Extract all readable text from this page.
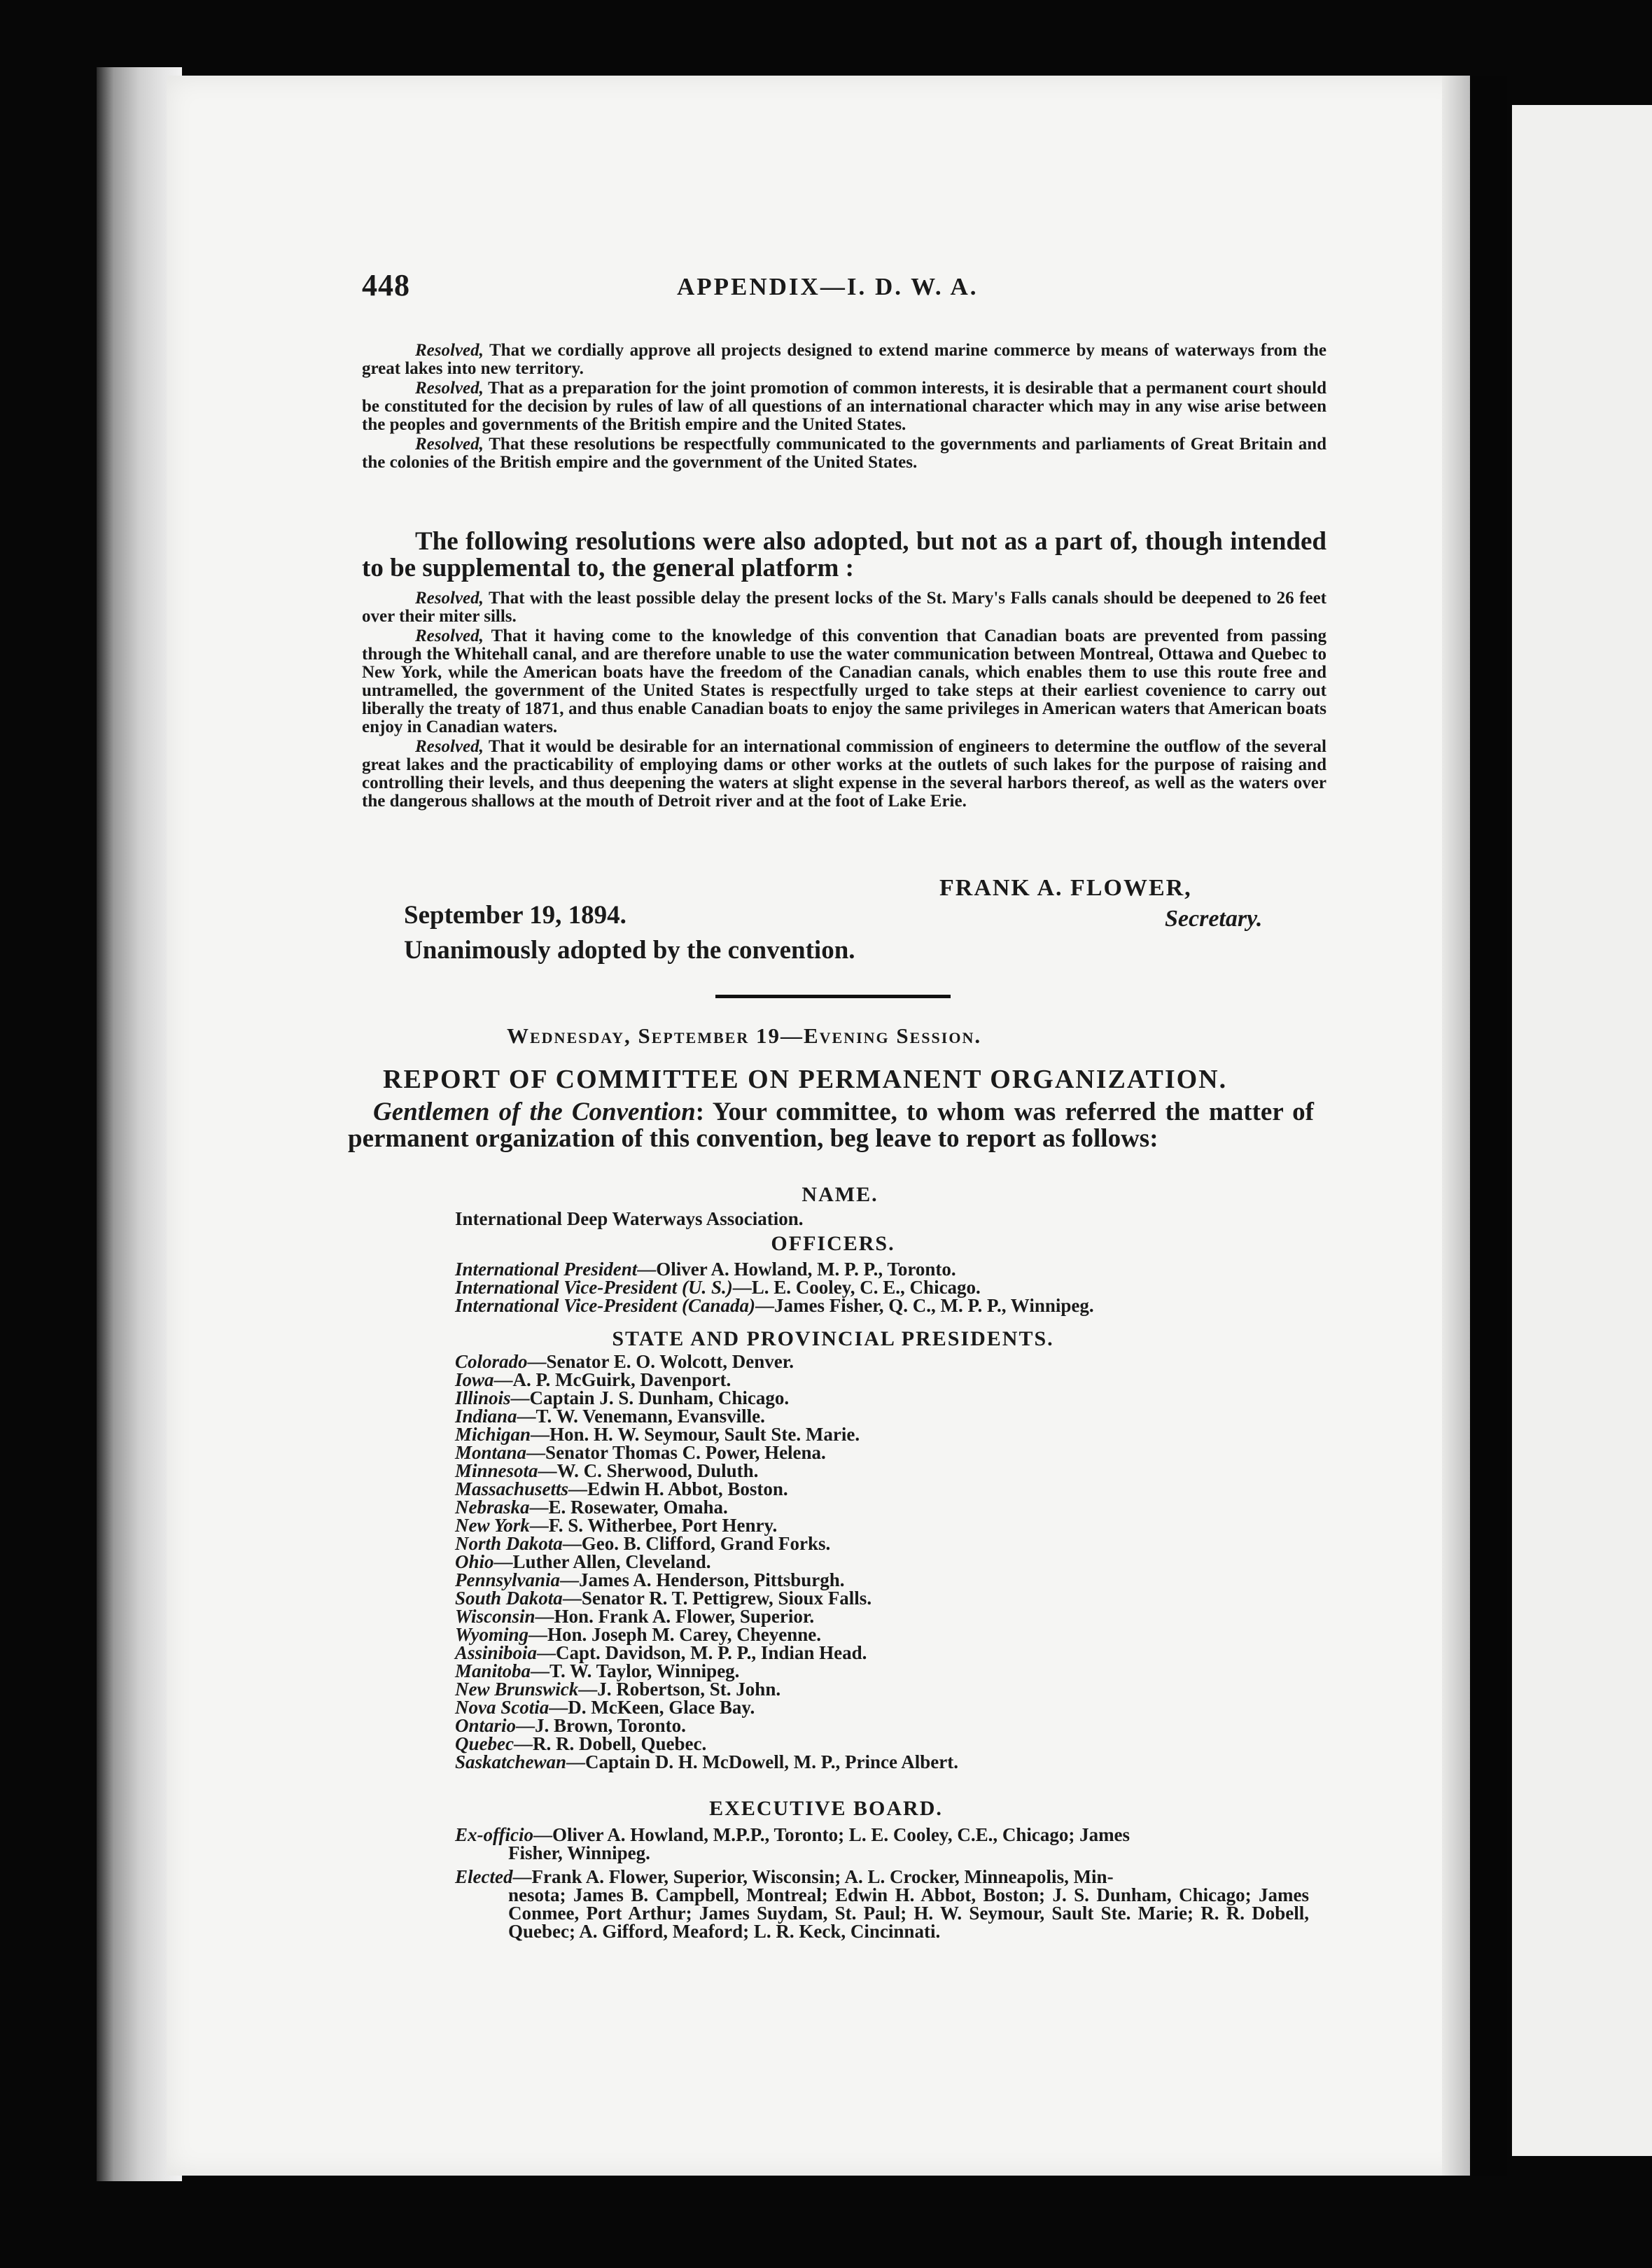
448	APPENDIX—I. D. W. A.

Resolved, That we cordially approve all projects designed to extend marine commerce by means of waterways from the great lakes into new territory.

Resolved, That as a preparation for the joint promotion of common interests, it is desirable that a permanent court should be constituted for the decision by rules of law of all questions of an international character which may in any wise arise between the peoples and governments of the British empire and the United States.

Resolved, That these resolutions be respectfully communicated to the governments and parliaments of Great Britain and the colonies of the British empire and the government of the United States.

The following resolutions were also adopted, but not as a part of, though intended to be supplemental to, the general platform :

Resolved, That with the least possible delay the present locks of the St. Mary's Falls canals should be deepened to 26 feet over their miter sills.

Resolved, That it having come to the knowledge of this convention that Canadian boats are prevented from passing through the Whitehall canal, and are therefore unable to use the water communication between Montreal, Ottawa and Quebec to New York, while the American boats have the freedom of the Canadian canals, which enables them to use this route free and untramelled, the government of the United States is respectfully urged to take steps at their earliest covenience to carry out liberally the treaty of 1871, and thus enable Canadian boats to enjoy the same privileges in American waters that American boats enjoy in Canadian waters.

Resolved, That it would be desirable for an international commission of engineers to determine the outflow of the several great lakes and the practicability of employing dams or other works at the outlets of such lakes for the purpose of raising and controlling their levels, and thus deepening the waters at slight expense in the several harbors thereof, as well as the waters over the dangerous shallows at the mouth of Detroit river and at the foot of Lake Erie.

FRANK A. FLOWER,
Secretary.
September 19, 1894.
Unanimously adopted by the convention.
Wednesday, September 19—Evening Session.
REPORT OF COMMITTEE ON PERMANENT ORGANIZATION.
Gentlemen of the Convention: Your committee, to whom was referred the matter of permanent organization of this convention, beg leave to report as follows:
NAME.
International Deep Waterways Association.
OFFICERS.
International President—Oliver A. Howland, M. P. P., Toronto.
International Vice-President (U. S.)—L. E. Cooley, C. E., Chicago.
International Vice-President (Canada)—James Fisher, Q. C., M. P. P., Winnipeg.
STATE AND PROVINCIAL PRESIDENTS.
Colorado—Senator E. O. Wolcott, Denver.
Iowa—A. P. McGuirk, Davenport.
Illinois—Captain J. S. Dunham, Chicago.
Indiana—T. W. Venemann, Evansville.
Michigan—Hon. H. W. Seymour, Sault Ste. Marie.
Montana—Senator Thomas C. Power, Helena.
Minnesota—W. C. Sherwood, Duluth.
Massachusetts—Edwin H. Abbot, Boston.
Nebraska—E. Rosewater, Omaha.
New York—F. S. Witherbee, Port Henry.
North Dakota—Geo. B. Clifford, Grand Forks.
Ohio—Luther Allen, Cleveland.
Pennsylvania—James A. Henderson, Pittsburgh.
South Dakota—Senator R. T. Pettigrew, Sioux Falls.
Wisconsin—Hon. Frank A. Flower, Superior.
Wyoming—Hon. Joseph M. Carey, Cheyenne.
Assiniboia—Capt. Davidson, M. P. P., Indian Head.
Manitoba—T. W. Taylor, Winnipeg.
New Brunswick—J. Robertson, St. John.
Nova Scotia—D. McKeen, Glace Bay.
Ontario—J. Brown, Toronto.
Quebec—R. R. Dobell, Quebec.
Saskatchewan—Captain D. H. McDowell, M. P., Prince Albert.
EXECUTIVE BOARD.
Ex-officio—Oliver A. Howland, M.P.P., Toronto; L. E. Cooley, C.E., Chicago; James
Fisher, Winnipeg.
Elected—Frank A. Flower, Superior, Wisconsin; A. L. Crocker, Minneapolis, Min-
nesota; James B. Campbell, Montreal; Edwin H. Abbot, Boston; J. S. Dunham, Chicago; James Conmee, Port Arthur; James Suydam, St. Paul; H. W. Seymour, Sault Ste. Marie; R. R. Dobell, Quebec; A. Gifford, Meaford; L. R. Keck, Cincinnati.
